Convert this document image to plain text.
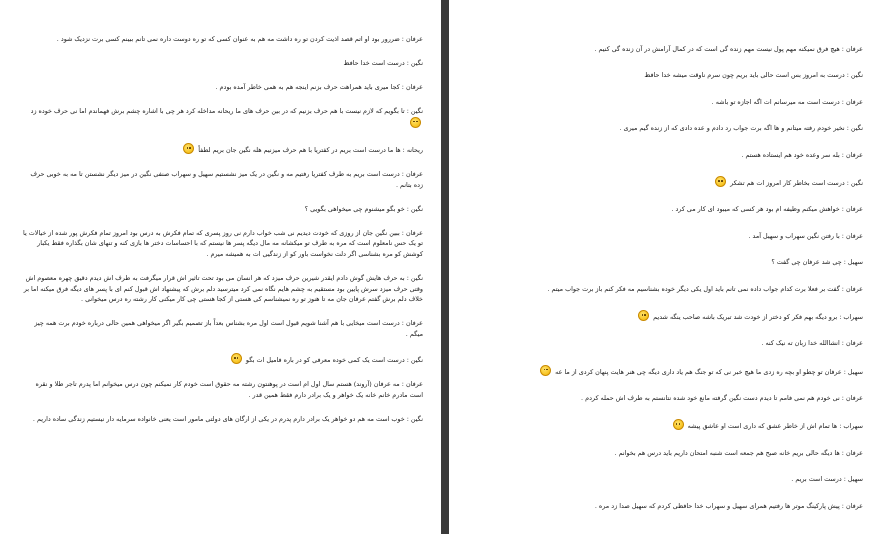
عرفان : ضررور بود او اتم قصد اذیت کردن تو ره داشت مه هم به عنوان کسی که تو ره دوست داره نمی تانم ببینم کسی برت نزدیک شود .

نگین : درست است خدا حافظ

عرفان : کجا میری باید همراهت حرف بزنم اینجه هم به همی خاطر آمده بودم .

نگین : تا بگویم که لازم نیست با هم حرف بزنیم که در بین حرف های ما ریحانه مداخله کرد هر چی با اشاره چشم برش فهماندم اما نی حرف خوده زد

ریحانه : ها ما درست است بریم در کفتریا با هم حرف میزنیم هله نگین جان بریم لطفاً

عرفان : درست است بریم به طرف کفتریا رفتیم مه و نگین در یک میز نشستیم سهیل و سهراب صنفی نگین در میز دیگر نشستن تا مه به خوبی حرف زده بتانم .

نگین : خو بگو میشنوم چی میخواهی بگویی ؟

عرفان : ببین نگین جان از روزی که خودت دیدیم نی شب خواب دارم نی روز پسری که تمام فکرش به درس بود امروز تمام فکرش پور شده از خیالات یا تو یک حس نامعلوم است که مره به طرف تو میکشانه مه مال دیگه پسر ها نیستم که با احساسات دختر ها بازی کنه و تنهای شان بگذاره فقط یکبار کوشش کو مره بشناسی اگر دلت نخواست باور کو از زندگیی ات به همیشه میرم .

نگین : به حرف هایش گوش دادم ایقدر شیرین حرف میزد که هر انسان می بود تحت تاثیر اش قرار میگرفت به طرف اش دیدم دقیق چهره معصوم اش وقتی حرف میزد سرش پایین بود مستقیم به چشم هایم نگاه نمی کرد میترسید دلم برش که پیشنهاد اش قبول کنم ای با پسر های دیگه فرق میکنه اما بر خلاف دلم برش گفتم عرفان جان مه تا هنوز تو ره نمیشناسم کی هستی از کجا هستی چی کار میکنی کار رشته ره درس میخوانی .

عرفان : درست است میخایی با هم آشنا شویم قبول است اول مره بشناس بعداً باز تصمیم بگیر اگر میخواهی همین حالی درباره خودم برت همه چیز میگم .

نگین : درست است یک کمی خوده معرفی کو در باره فامیل ات بگو

عرفان : مه عرفان (آروند) هستم سال اول ام است در پوهنتون رشته مه حقوق است خودم کار نمیکنم چون درس میخوانم اما پدرم تاجر طلا و نقره است مادرم خانم خانه یک خواهر و یک برادر دارم فقط همین قدر .

نگین : خوب است مه هم دو خواهر یک برادر دارم پدرم در یکی از ارگان های دولتی مامور است یعنی خانواده سرمایه دار نیستیم زندگی ساده داریم .

عرفان : هیچ فرق نمیکنه مهم پول نیست مهم زنده گی است که در کمال آرامش در آن زنده گی کنیم .

نگین : درست به امروز بس است حالی باید بریم چون سرم ناوقت میشه خدا حافظ

عرفان : درست است مه میرسانم ات اگه اجازه تو باشه .

نگین : نخیر خودم رفته میتانم و ها اگه برت جواب رد دادم و عده دادی که از زنده گیم میری .

عرفان : بله سر وعده خود هم ایستاده هستم .

نگین : درست است بخاطر کار امروز ات هم تشکر

عرفان : خواهش میکنم وظیفه ام بود هر کسی که میبود ای کار می کرد .

عرفان : با رفتن نگین سهراب و سهیل آمد .

سهیل : چی شد عرفان چی گفت ؟

عرفان : گفت بر فعلا برت کدام جواب داده نمی تانم باید اول یکی دیگر خوده بشناسیم مه فکر کنم باز برت جواب میتم .

سهراب : برو دیگه بهم فکر کو دختر از خودت شد تبریک باشه صاحب ینگه شدیم

عرفان : انشاالله خدا زبان ته نیک کنه .

سهیل : عرفان تو چطو او بچه ره زدی ما هیچ خبر نی که تو جنگ هم یاد داری دیگه چی هنر هایت پنهان کردی از ما عه

عرفان : نی خودم هم نمی فامم تا دیدم دست نگین گرفته مانع خود شده نتانستم به طرف اش حمله کردم .

سهراب : ها تمام اش از خاطر عشق که داری است او عاشق پیشه

عرفان : ها دیگه حالی بریم خانه صبح هم جمعه است شنبه امتحان داریم باید درس هم بخوانم .

سهیل : درست است بریم .

عرفان : پیش پارکینگ موتر ها رفتیم همرای سهیل و سهراب خدا حافظی کردم که سهیل صدا زد مره .
